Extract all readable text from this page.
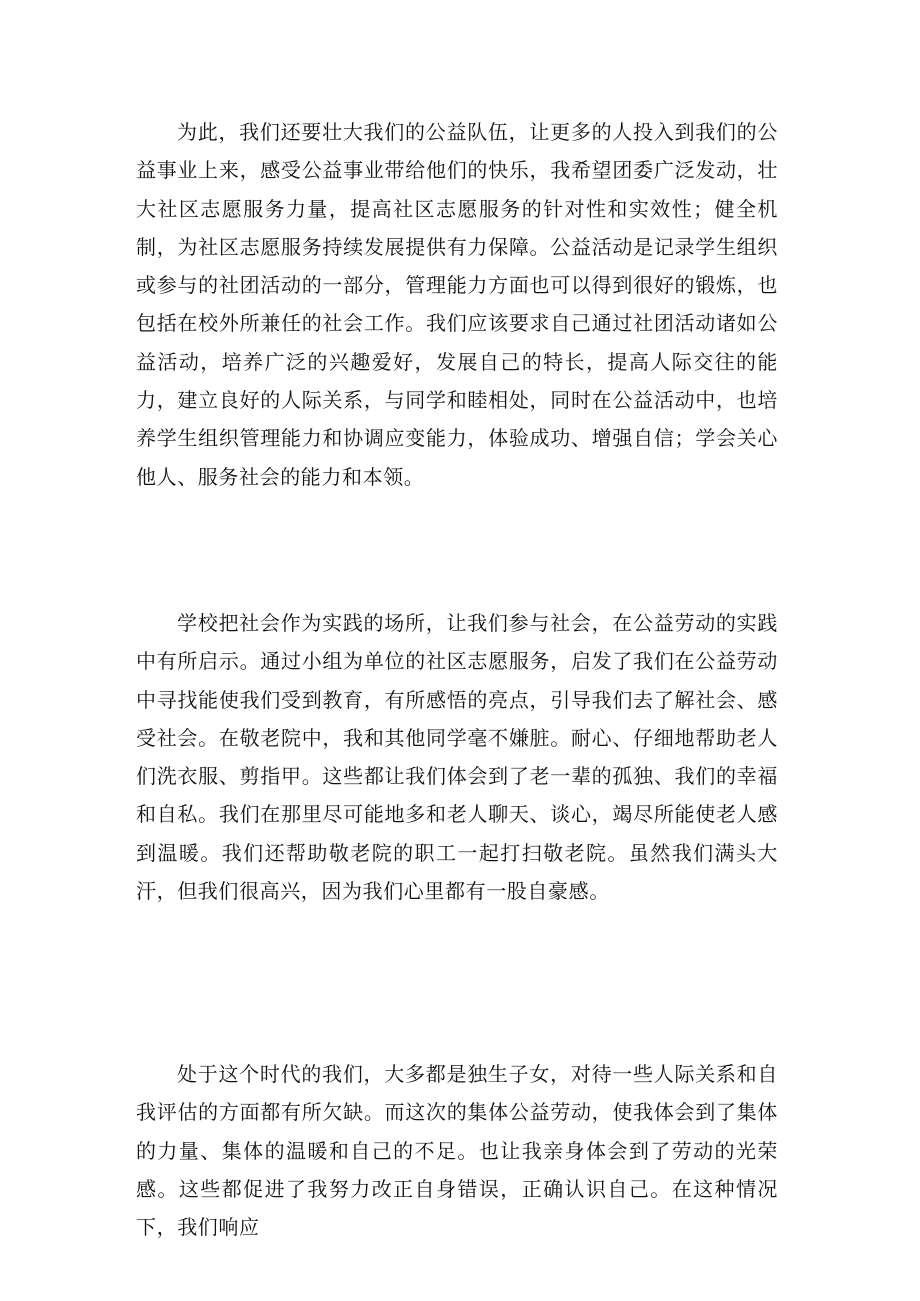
为此，我们还要壮大我们的公益队伍，让更多的人投入到我们的公益事业上来，感受公益事业带给他们的快乐，我希望团委广泛发动，壮大社区志愿服务力量，提高社区志愿服务的针对性和实效性；健全机制，为社区志愿服务持续发展提供有力保障。公益活动是记录学生组织或参与的社团活动的一部分，管理能力方面也可以得到很好的锻炼，也包括在校外所兼任的社会工作。我们应该要求自己通过社团活动诸如公益活动，培养广泛的兴趣爱好，发展自己的特长，提高人际交往的能力，建立良好的人际关系，与同学和睦相处，同时在公益活动中，也培养学生组织管理能力和协调应变能力，体验成功、增强自信；学会关心他人、服务社会的能力和本领。

学校把社会作为实践的场所，让我们参与社会，在公益劳动的实践中有所启示。通过小组为单位的社区志愿服务，启发了我们在公益劳动中寻找能使我们受到教育，有所感悟的亮点，引导我们去了解社会、感受社会。在敬老院中，我和其他同学毫不嫌脏。耐心、仔细地帮助老人们洗衣服、剪指甲。这些都让我们体会到了老一辈的孤独、我们的幸福和自私。我们在那里尽可能地多和老人聊天、谈心，竭尽所能使老人感到温暖。我们还帮助敬老院的职工一起打扫敬老院。虽然我们满头大汗，但我们很高兴，因为我们心里都有一股自豪感。

处于这个时代的我们，大多都是独生子女，对待一些人际关系和自我评估的方面都有所欠缺。而这次的集体公益劳动，使我体会到了集体的力量、集体的温暖和自己的不足。也让我亲身体会到了劳动的光荣感。这些都促进了我努力改正自身错误，正确认识自己。在这种情况下，我们响应
